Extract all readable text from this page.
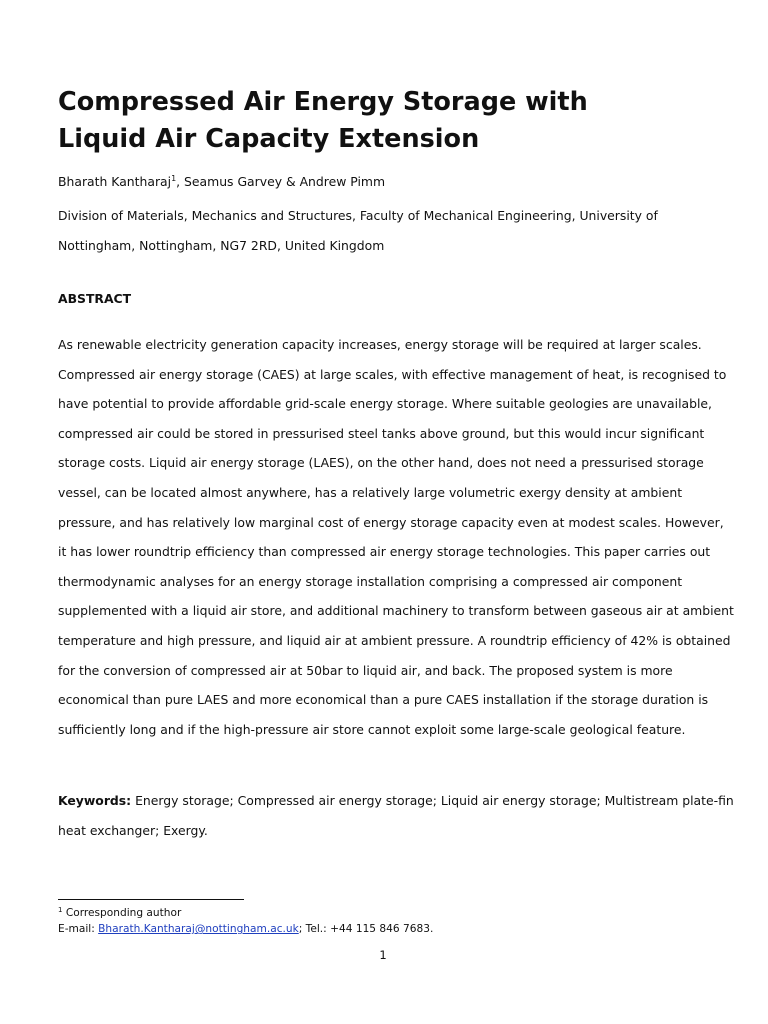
Compressed Air Energy Storage with
Liquid Air Capacity Extension
Bharath Kantharaj$^1$, Seamus Garvey & Andrew Pimm
Division of Materials, Mechanics and Structures, Faculty of Mechanical Engineering, University of Nottingham, Nottingham, NG7 2RD, United Kingdom
ABSTRACT

As renewable electricity generation capacity increases, energy storage will be required at larger scales. Compressed air energy storage (CAES) at large scales, with effective management of heat, is recognised to have potential to provide affordable grid-scale energy storage. Where suitable geologies are unavailable, compressed air could be stored in pressurised steel tanks above ground, but this would incur significant storage costs. Liquid air energy storage (LAES), on the other hand, does not need a pressurised storage vessel, can be located almost anywhere, has a relatively large volumetric exergy density at ambient pressure, and has relatively low marginal cost of energy storage capacity even at modest scales. However, it has lower roundtrip efficiency than compressed air energy storage technologies. This paper carries out thermodynamic analyses for an energy storage installation comprising a compressed air component supplemented with a liquid air store, and additional machinery to transform between gaseous air at ambient temperature and high pressure, and liquid air at ambient pressure. A roundtrip efficiency of 42% is obtained for the conversion of compressed air at 50bar to liquid air, and back. The proposed system is more economical than pure LAES and more economical than a pure CAES installation if the storage duration is sufficiently long and if the high-pressure air store cannot exploit some large-scale geological feature.

Keywords: Energy storage; Compressed air energy storage; Liquid air energy storage; Multistream plate-fin heat exchanger; Exergy.

$^1$ Corresponding author
E-mail: Bharath.Kantharaj@nottingham.ac.uk; Tel.: +44 115 846 7683.
1
